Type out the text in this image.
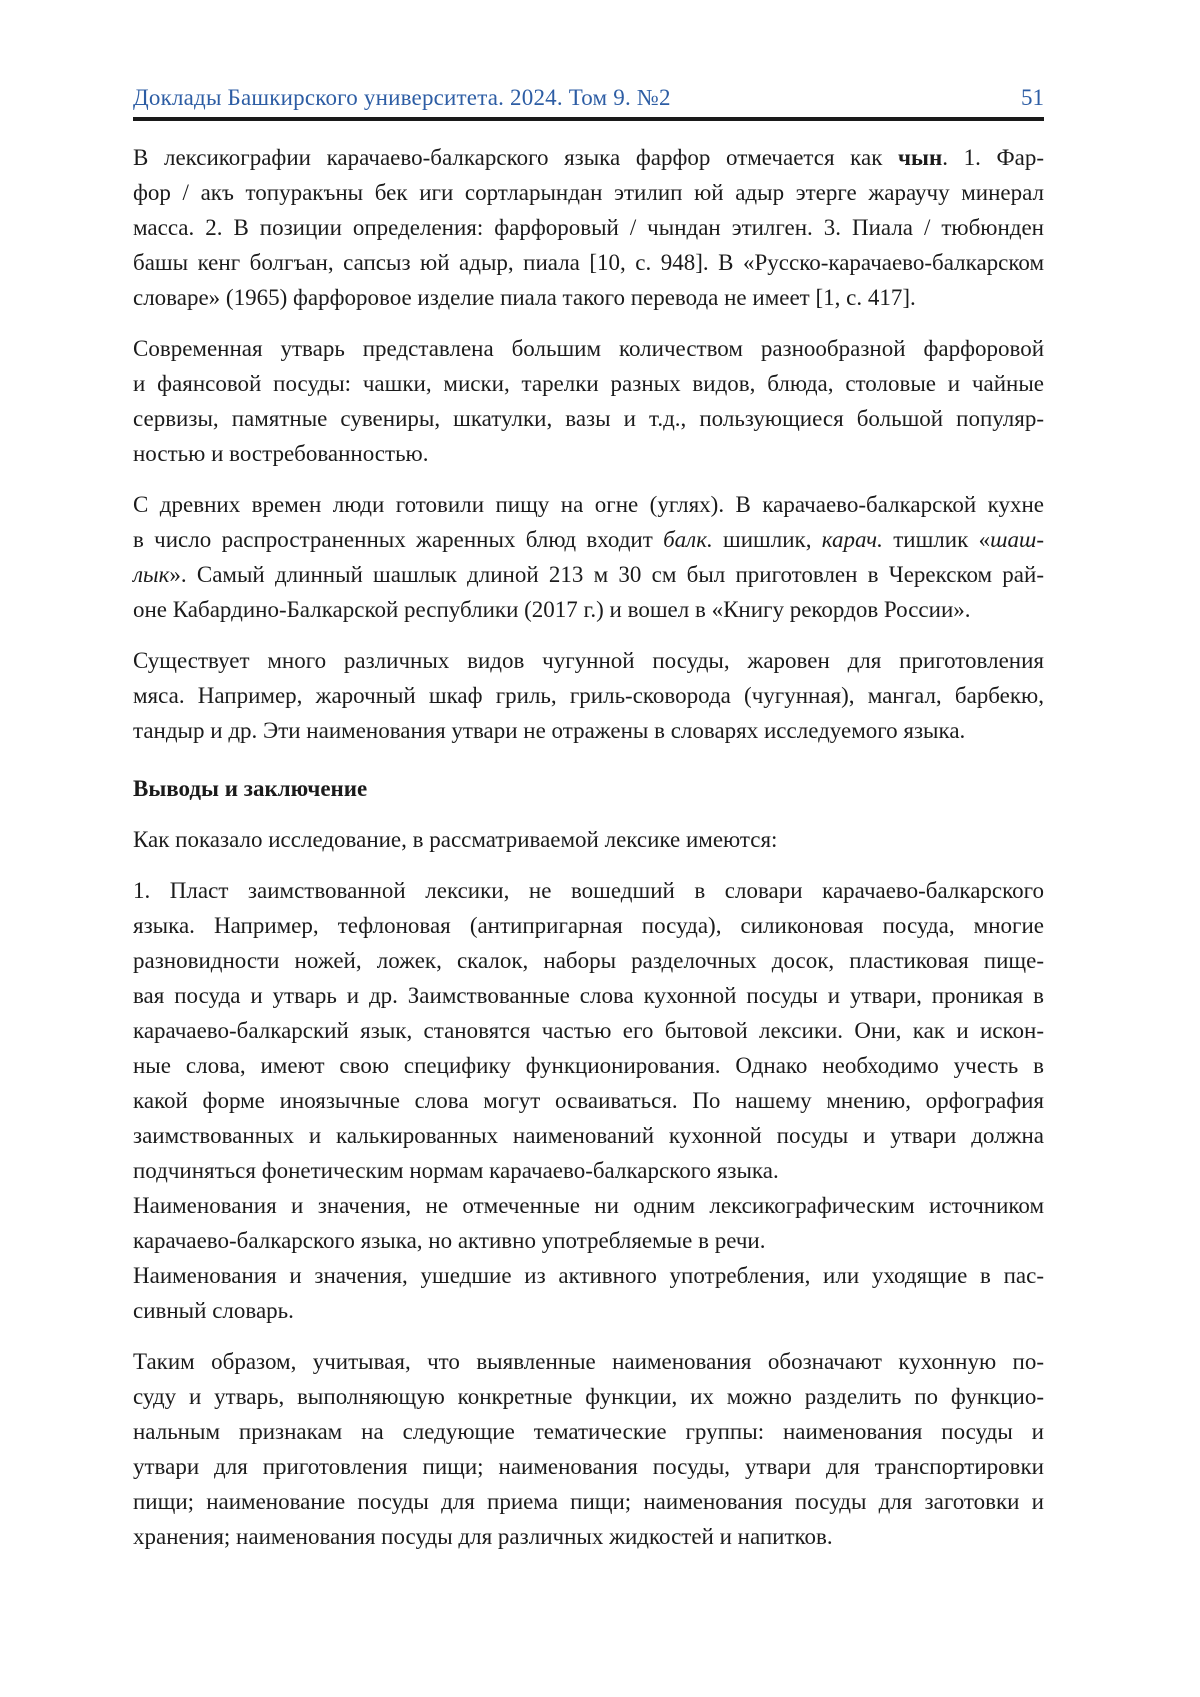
Доклады Башкирского университета. 2024. Том 9. №2	51
В лексикографии карачаево-балкарского языка фарфор отмечается как чын. 1. Фар-
фор / акъ топуракъны бек иги сортларындан этилип юй адыр этерге жараучу минерал
масса. 2. В позиции определения: фарфоровый / чындан этилген. 3. Пиала / тюбюнден
башы кенг болгъан, сапсыз юй адыр, пиала [10, с. 948]. В «Русско-карачаево-балкарском
словаре» (1965) фарфоровое изделие пиала такого перевода не имеет [1, с. 417].
Современная утварь представлена большим количеством разнообразной фарфоровой
и фаянсовой посуды: чашки, миски, тарелки разных видов, блюда, столовые и чайные
сервизы, памятные сувениры, шкатулки, вазы и т.д., пользующиеся большой популяр-
ностью и востребованностью.
С древних времен люди готовили пищу на огне (углях). В карачаево-балкарской кухне
в число распространенных жаренных блюд входит балк. шишлик, карач. тишлик «шаш-
лык». Самый длинный шашлык длиной 213 м 30 см был приготовлен в Черекском рай-
оне Кабардино-Балкарской республики (2017 г.) и вошел в «Книгу рекордов России».
Существует много различных видов чугунной посуды, жаровен для приготовления
мяса. Например, жарочный шкаф гриль, гриль-сковорода (чугунная), мангал, барбекю,
тандыр и др. Эти наименования утвари не отражены в словарях исследуемого языка.
Выводы и заключение
Как показало исследование, в рассматриваемой лексике имеются:
1. Пласт заимствованной лексики, не вошедший в словари карачаево-балкарского
языка. Например, тефлоновая (антипригарная посуда), силиконовая посуда, многие
разновидности ножей, ложек, скалок, наборы разделочных досок, пластиковая пище-
вая посуда и утварь и др. Заимствованные слова кухонной посуды и утвари, проникая в
карачаево-балкарский язык, становятся частью его бытовой лексики. Они, как и искон-
ные слова, имеют свою специфику функционирования. Однако необходимо учесть в
какой форме иноязычные слова могут осваиваться. По нашему мнению, орфография
заимствованных и калькированных наименований кухонной посуды и утвари должна
подчиняться фонетическим нормам карачаево-балкарского языка.
Наименования и значения, не отмеченные ни одним лексикографическим источником
карачаево-балкарского языка, но активно употребляемые в речи.
Наименования и значения, ушедшие из активного употребления, или уходящие в пас-
сивный словарь.
Таким образом, учитывая, что выявленные наименования обозначают кухонную по-
суду и утварь, выполняющую конкретные функции, их можно разделить по функцио-
нальным признакам на следующие тематические группы: наименования посуды и
утвари для приготовления пищи; наименования посуды, утвари для транспортировки
пищи; наименование посуды для приема пищи; наименования посуды для заготовки и
хранения; наименования посуды для различных жидкостей и напитков.
